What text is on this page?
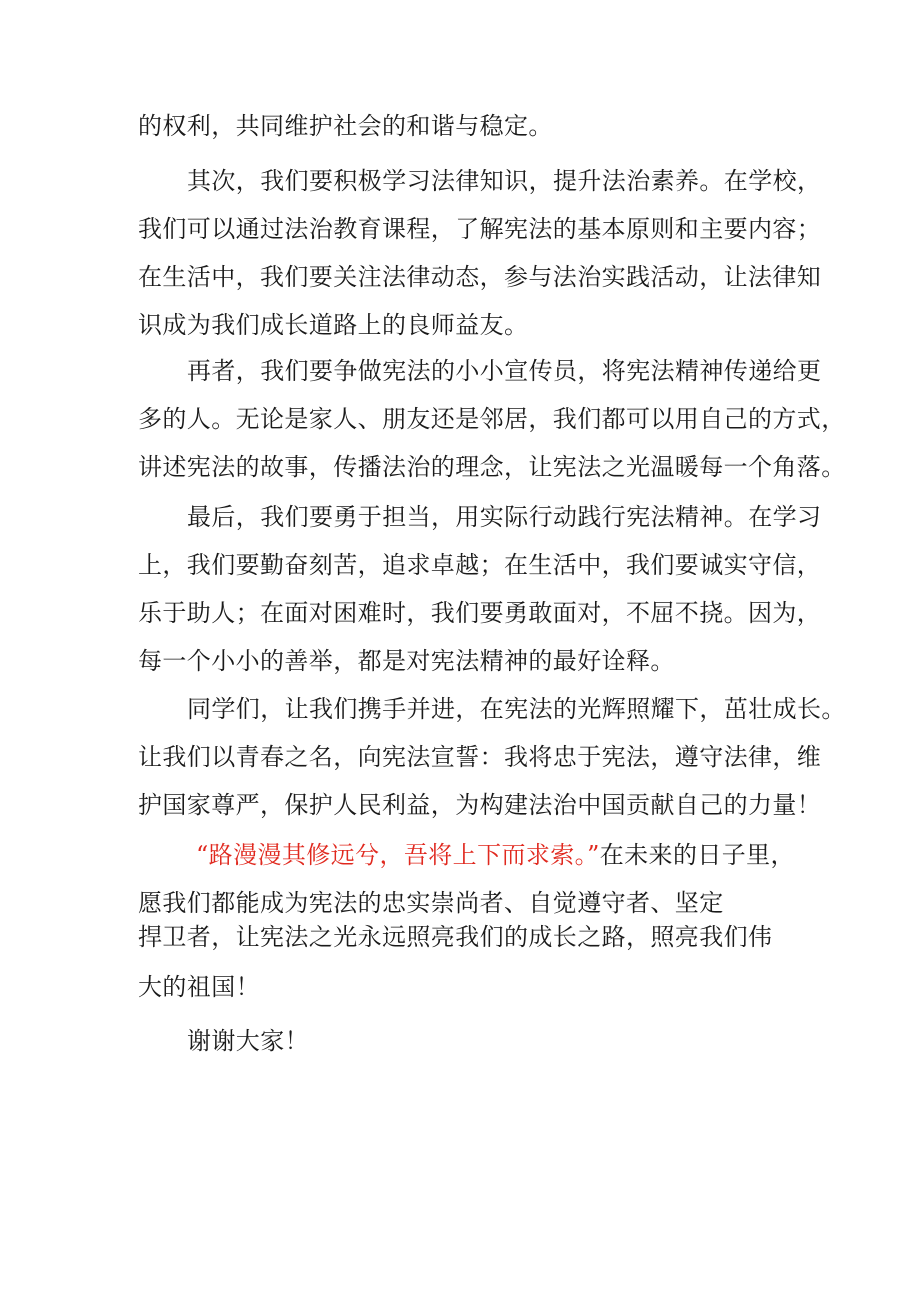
的权利，共同维护社会的和谐与稳定。
其次，我们要积极学习法律知识，提升法治素养。在学校，
我们可以通过法治教育课程，了解宪法的基本原则和主要内容；
在生活中，我们要关注法律动态，参与法治实践活动，让法律知
识成为我们成长道路上的良师益友。
再者，我们要争做宪法的小小宣传员，将宪法精神传递给更
多的人。无论是家人、朋友还是邻居，我们都可以用自己的方式，
讲述宪法的故事，传播法治的理念，让宪法之光温暖每一个角落。
最后，我们要勇于担当，用实际行动践行宪法精神。在学习
上，我们要勤奋刻苦，追求卓越；在生活中，我们要诚实守信，
乐于助人；在面对困难时，我们要勇敢面对，不屈不挠。因为，
每一个小小的善举，都是对宪法精神的最好诠释。
同学们，让我们携手并进，在宪法的光辉照耀下，茁壮成长。
让我们以青春之名，向宪法宣誓：我将忠于宪法，遵守法律，维
护国家尊严，保护人民利益，为构建法治中国贡献自己的力量！
“路漫漫其修远兮，吾将上下而求索。”在未来的日子里，
愿我们都能成为宪法的忠实崇尚者、自觉遵守者、坚定
捍卫者，让宪法之光永远照亮我们的成长之路，照亮我们伟
大的祖国！
谢谢大家！
